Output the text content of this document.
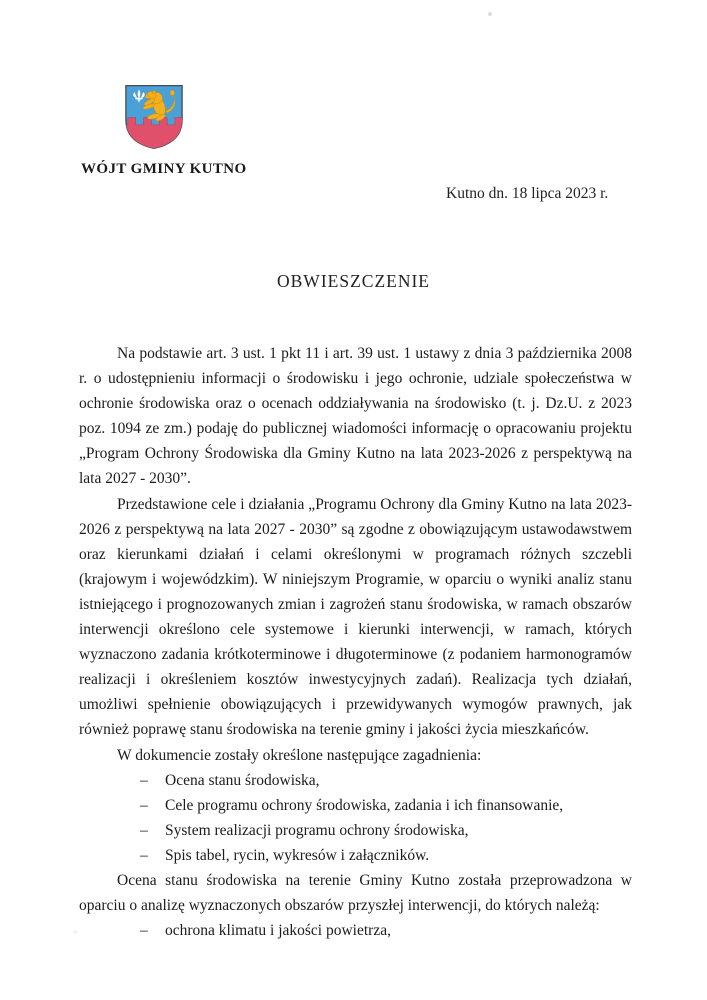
WÓJT GMINY KUTNO
Kutno dn. 18 lipca 2023 r.
OBWIESZCZENIE

Na podstawie art. 3 ust. 1 pkt 11 i art. 39 ust. 1 ustawy z dnia 3 października 2008 r. o udostępnieniu informacji o środowisku i jego ochronie, udziale społeczeństwa w ochronie środowiska oraz o ocenach oddziaływania na środowisko (t. j. Dz.U. z 2023 poz. 1094 ze zm.) podaję do publicznej wiadomości informację o opracowaniu projektu „Program Ochrony Środowiska dla Gminy Kutno na lata 2023-2026 z perspektywą na lata 2027 - 2030”.

Przedstawione cele i działania „Programu Ochrony dla Gminy Kutno na lata 2023-2026 z perspektywą na lata 2027 - 2030” są zgodne z obowiązującym ustawodawstwem oraz kierunkami działań i celami określonymi w programach różnych szczebli (krajowym i wojewódzkim). W niniejszym Programie, w oparciu o wyniki analiz stanu istniejącego i prognozowanych zmian i zagrożeń stanu środowiska, w ramach obszarów interwencji określono cele systemowe i kierunki interwencji, w ramach, których wyznaczono zadania krótkoterminowe i długoterminowe (z podaniem harmonogramów realizacji i określeniem kosztów inwestycyjnych zadań). Realizacja tych działań, umożliwi spełnienie obowiązujących i przewidywanych wymogów prawnych, jak również poprawę stanu środowiska na terenie gminy i jakości życia mieszkańców.

W dokumencie zostały określone następujące zagadnienia:

–	Ocena stanu środowiska,
–	Cele programu ochrony środowiska, zadania i ich finansowanie,
–	System realizacji programu ochrony środowiska,
–	Spis tabel, rycin, wykresów i załączników.

Ocena stanu środowiska na terenie Gminy Kutno została przeprowadzona w oparciu o analizę wyznaczonych obszarów przyszłej interwencji, do których należą:

–	ochrona klimatu i jakości powietrza,
